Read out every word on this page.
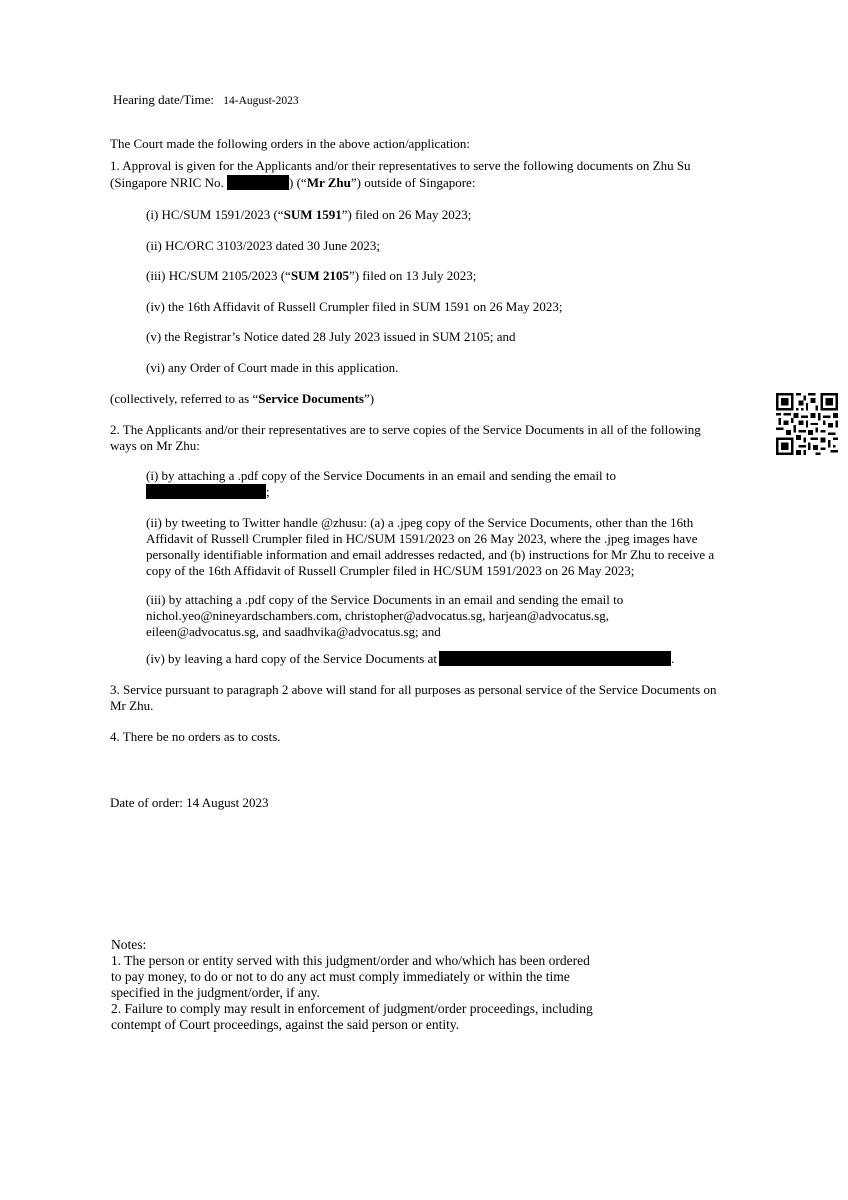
Hearing date/Time: 14-August-2023
The Court made the following orders in the above action/application:
1. Approval is given for the Applicants and/or their representatives to serve the following documents on Zhu Su
(Singapore NRIC No.	) (“Mr Zhu”) outside of Singapore:
(i) HC/SUM 1591/2023 (“SUM 1591”) filed on 26 May 2023;
(ii) HC/ORC 3103/2023 dated 30 June 2023;
(iii) HC/SUM 2105/2023 (“SUM 2105”) filed on 13 July 2023;
(iv) the 16th Affidavit of Russell Crumpler filed in SUM 1591 on 26 May 2023;
(v) the Registrar’s Notice dated 28 July 2023 issued in SUM 2105; and
(vi) any Order of Court made in this application.
(collectively, referred to as “Service Documents”)
2. The Applicants and/or their representatives are to serve copies of the Service Documents in all of the following
ways on Mr Zhu:
(i) by attaching a .pdf copy of the Service Documents in an email and sending the email to
;
(ii) by tweeting to Twitter handle @zhusu: (a) a .jpeg copy of the Service Documents, other than the 16th
Affidavit of Russell Crumpler filed in HC/SUM 1591/2023 on 26 May 2023, where the .jpeg images have
personally identifiable information and email addresses redacted, and (b) instructions for Mr Zhu to receive a
copy of the 16th Affidavit of Russell Crumpler filed in HC/SUM 1591/2023 on 26 May 2023;
(iii) by attaching a .pdf copy of the Service Documents in an email and sending the email to
nichol.yeo@nineyardschambers.com, christopher@advocatus.sg, harjean@advocatus.sg,
eileen@advocatus.sg, and saadhvika@advocatus.sg; and
(iv) by leaving a hard copy of the Service Documents at	.
3. Service pursuant to paragraph 2 above will stand for all purposes as personal service of the Service Documents on
Mr Zhu.
4. There be no orders as to costs.
Date of order: 14 August 2023
Notes:
1. The person or entity served with this judgment/order and who/which has been ordered
to pay money, to do or not to do any act must comply immediately or within the time
specified in the judgment/order, if any.
2. Failure to comply may result in enforcement of judgment/order proceedings, including
contempt of Court proceedings, against the said person or entity.
